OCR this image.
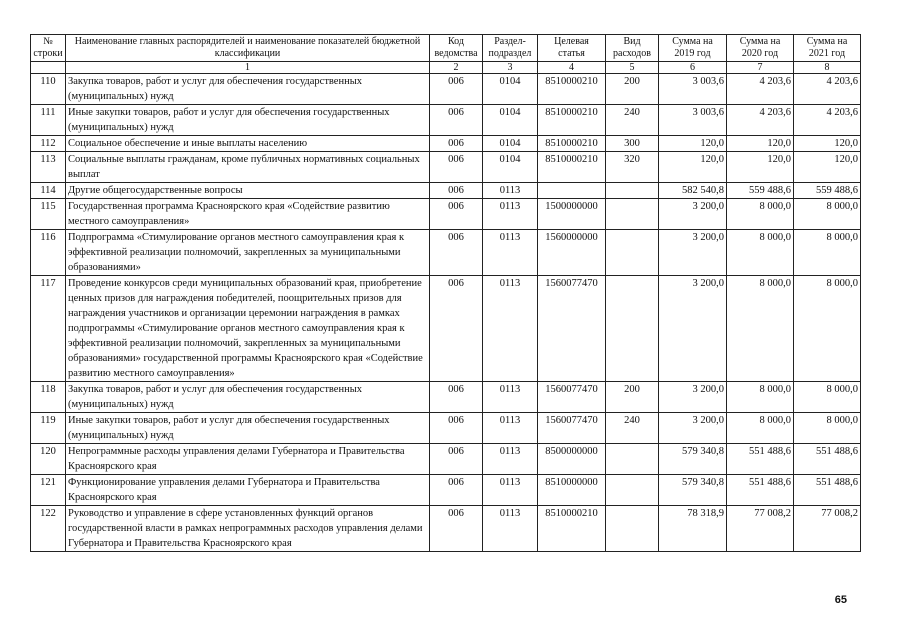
№ строки	Наименование главных распорядителей и наименование показателей бюджетной классификации	Код ведомства	Раздел-подраздел	Целевая статья	Вид расходов	Сумма на 2019 год	Сумма на 2020 год	Сумма на 2021 год
	1	2	3	4	5	6	7	8
110	Закупка товаров, работ и услуг для обеспечения государственных (муниципальных) нужд	006	0104	8510000210	200	3 003,6	4 203,6	4 203,6
111	Иные закупки товаров, работ и услуг для обеспечения государственных (муниципальных) нужд	006	0104	8510000210	240	3 003,6	4 203,6	4 203,6
112	Социальное обеспечение и иные выплаты населению	006	0104	8510000210	300	120,0	120,0	120,0
113	Социальные выплаты гражданам, кроме публичных нормативных социальных выплат	006	0104	8510000210	320	120,0	120,0	120,0
114	Другие общегосударственные вопросы	006	0113			582 540,8	559 488,6	559 488,6
115	Государственная программа Красноярского края «Содействие развитию местного самоуправления»	006	0113	1500000000		3 200,0	8 000,0	8 000,0
116	Подпрограмма «Стимулирование органов местного самоуправления края к эффективной реализации полномочий, закрепленных за муниципальными образованиями»	006	0113	1560000000		3 200,0	8 000,0	8 000,0
117	Проведение конкурсов среди муниципальных образований края, приобретение ценных призов для награждения победителей, поощрительных призов для награждения участников и организации церемонии награждения в рамках подпрограммы «Стимулирование органов местного самоуправления края к эффективной реализации полномочий, закрепленных за муниципальными образованиями» государственной программы Красноярского края «Содействие развитию местного самоуправления»	006	0113	1560077470		3 200,0	8 000,0	8 000,0
118	Закупка товаров, работ и услуг для обеспечения государственных (муниципальных) нужд	006	0113	1560077470	200	3 200,0	8 000,0	8 000,0
119	Иные закупки товаров, работ и услуг для обеспечения государственных (муниципальных) нужд	006	0113	1560077470	240	3 200,0	8 000,0	8 000,0
120	Непрограммные расходы управления делами Губернатора и Правительства Красноярского края	006	0113	8500000000		579 340,8	551 488,6	551 488,6
121	Функционирование управления делами Губернатора и Правительства Красноярского края	006	0113	8510000000		579 340,8	551 488,6	551 488,6
122	Руководство и управление в сфере установленных функций органов государственной власти в рамках непрограммных расходов управления делами Губернатора и Правительства Красноярского края	006	0113	8510000210		78 318,9	77 008,2	77 008,2
65
